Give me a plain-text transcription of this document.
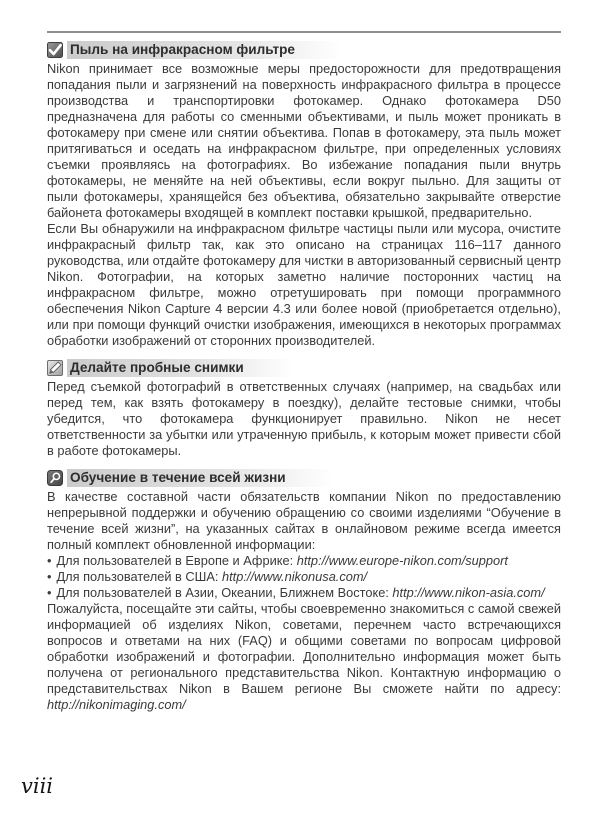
Пыль на инфракрасном фильтре

Nikon принимает все возможные меры предосторожности для предотвращения попадания пыли и загрязнений на поверхность инфракрасного фильтра в процессе производства и транспортировки фотокамер. Однако фотокамера D50 предназначена для работы со сменными объективами, и пыль может проникать в фотокамеру при смене или снятии объектива. Попав в фотокамеру, эта пыль может притягиваться и оседать на инфракрасном фильтре, при определенных условиях съемки проявляясь на фотографиях. Во избежание попадания пыли внутрь фотокамеры, не меняйте на ней объективы, если вокруг пыльно. Для защиты от пыли фотокамеры, хранящейся без объектива, обязательно закрывайте отверстие байонета фотокамеры входящей в комплект поставки крышкой, предварительно.

Если Вы обнаружили на инфракрасном фильтре частицы пыли или мусора, очистите инфракрасный фильтр так, как это описано на страницах 116–117 данного руководства, или отдайте фотокамеру для чистки в авторизованный сервисный центр Nikon. Фотографии, на которых заметно наличие посторонних частиц на инфракрасном фильтре, можно отретушировать при помощи программного обеспечения Nikon Capture 4 версии 4.3 или более новой (приобретается отдельно), или при помощи функций очистки изображения, имеющихся в некоторых программах обработки изображений от сторонних производителей.

Делайте пробные снимки

Перед съемкой фотографий в ответственных случаях (например, на свадьбах или перед тем, как взять фотокамеру в поездку), делайте тестовые снимки, чтобы убедится, что фотокамера функционирует правильно. Nikon не несет ответственности за убытки или утраченную прибыль, к которым может привести сбой в работе фотокамеры.

Обучение в течение всей жизни

В качестве составной части обязательств компании Nikon по предоставлению непрерывной поддержки и обучению обращению со своими изделиями “Обучение в течение всей жизни”, на указанных сайтах в онлайновом режиме всегда имеется полный комплект обновленной информации:

• Для пользователей в Европе и Африке: http://www.europe-nikon.com/support
• Для пользователей в США: http://www.nikonusa.com/
• Для пользователей в Азии, Океании, Ближнем Востоке: http://www.nikon-asia.com/

Пожалуйста, посещайте эти сайты, чтобы своевременно знакомиться с самой свежей информацией об изделиях Nikon, советами, перечнем часто встречающихся вопросов и ответами на них (FAQ) и общими советами по вопросам цифровой обработки изображений и фотографии. Дополнительно информация может быть получена от регионального представительства Nikon. Контактную информацию о представительствах Nikon в Вашем регионе Вы сможете найти по адресу: http://nikonimaging.com/

viii
